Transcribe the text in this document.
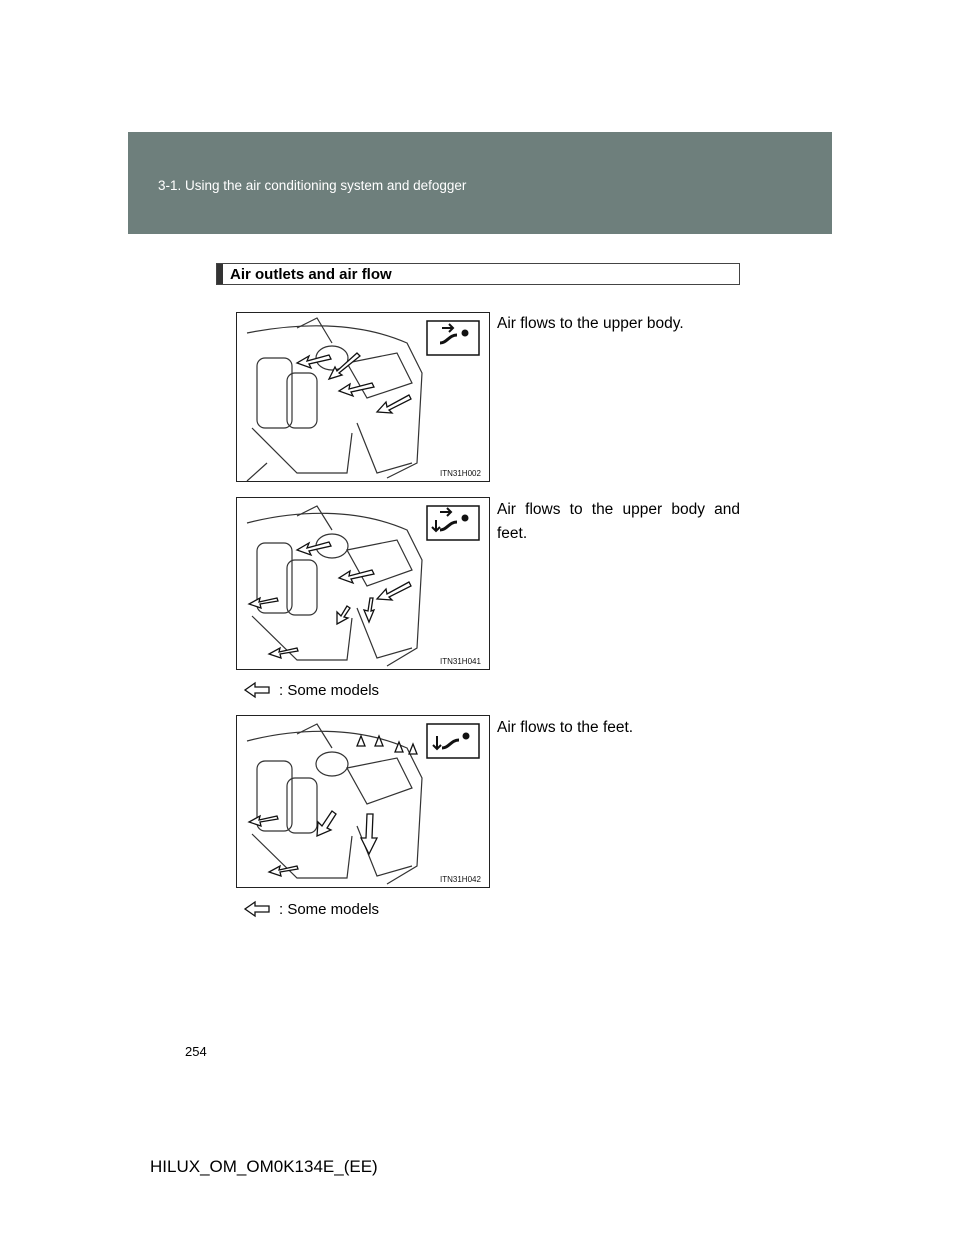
3-1. Using the air conditioning system and defogger
Air outlets and air flow
ITN31H002
Air flows to the upper body.
ITN31H041
Air flows to the upper body and feet.
: Some models
ITN31H042
Air flows to the feet.
: Some models
254
HILUX_OM_OM0K134E_(EE)
